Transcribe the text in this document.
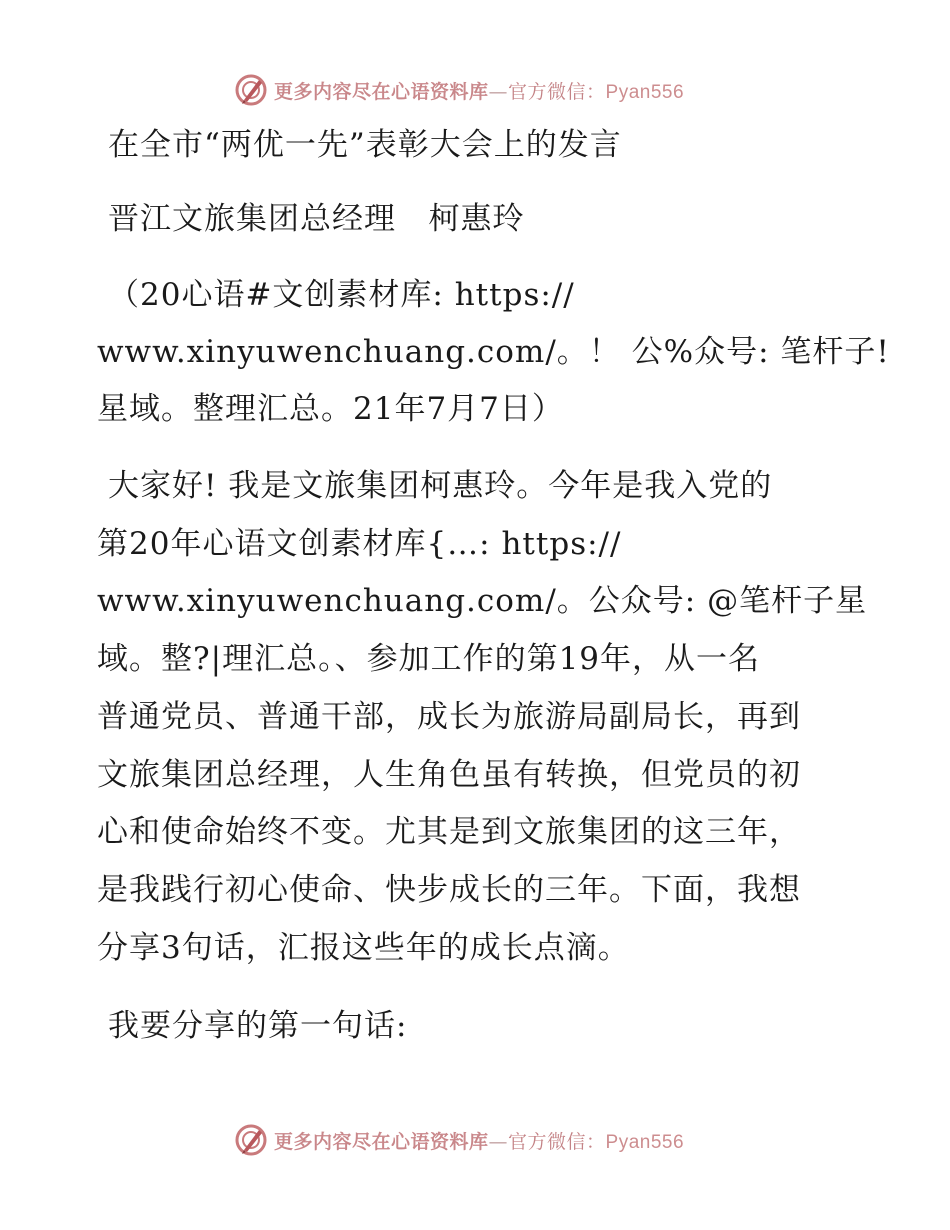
更多内容尽在心语资料库—官方微信：Pyan556
在全市“两优一先”表彰大会上的发言
晋江文旅集团总经理   柯惠玲
（20心语#文创素材库: https://
www.xinyuwenchuang.com/。！ 公%众号: 笔杆子!
星域。整理汇总。21年7月7日）
大家好! 我是文旅集团柯惠玲。今年是我入党的
第20年心语文创素材库{…: https://
www.xinyuwenchuang.com/。公众号: @笔杆子星
域。整?|理汇总。、参加工作的第19年，从一名
普通党员、普通干部，成长为旅游局副局长，再到
文旅集团总经理，人生角色虽有转换，但党员的初
心和使命始终不变。尤其是到文旅集团的这三年，
是我践行初心使命、快步成长的三年。下面，我想
分享3句话，汇报这些年的成长点滴。
我要分享的第一句话:
更多内容尽在心语资料库—官方微信：Pyan556
